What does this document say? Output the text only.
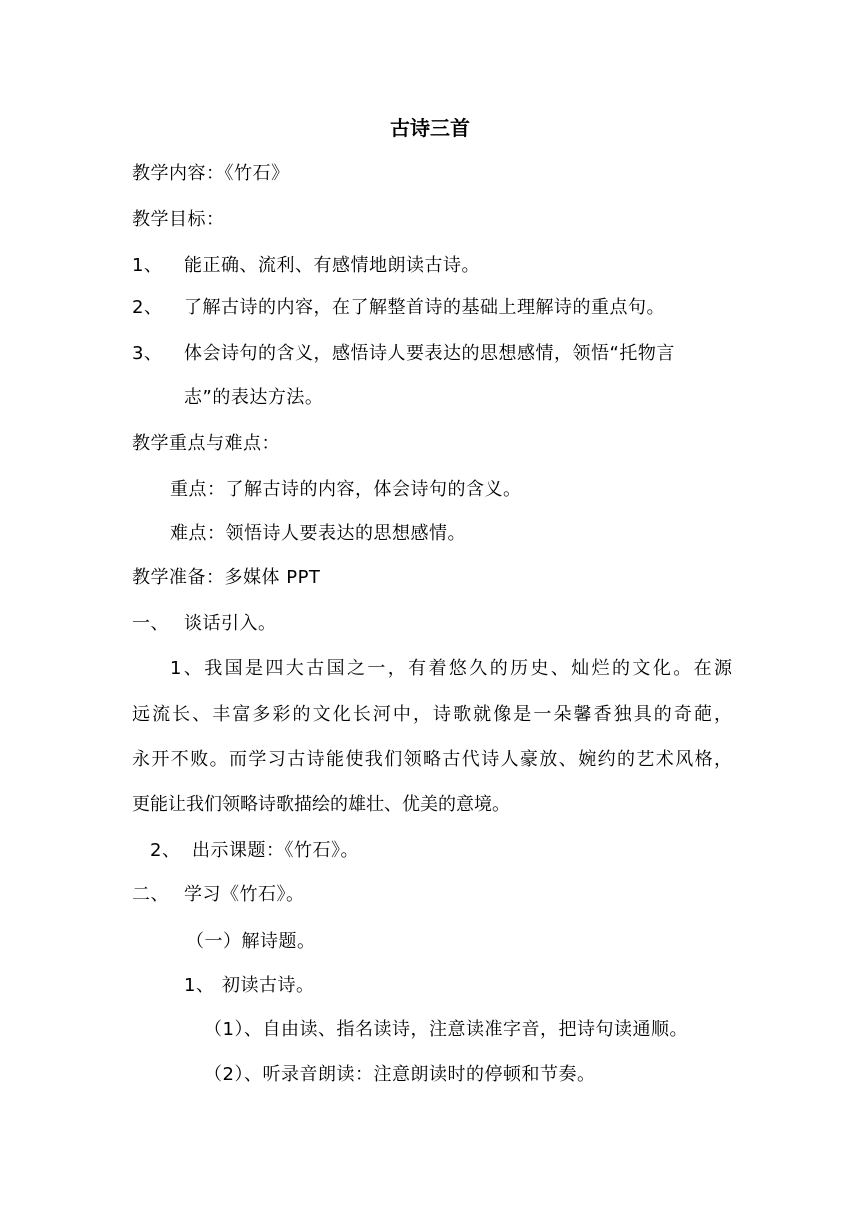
古诗三首
教学内容：《竹石》
教学目标：
1、 能正确、流利、有感情地朗读古诗。
2、 了解古诗的内容，在了解整首诗的基础上理解诗的重点句。
3、 体会诗句的含义，感悟诗人要表达的思想感情，领悟“托物言
志”的表达方法。
教学重点与难点：
重点：了解古诗的内容，体会诗句的含义。
难点：领悟诗人要表达的思想感情。
教学准备：多媒体 PPT
一、 谈话引入。
1、我国是四大古国之一，有着悠久的历史、灿烂的文化。在源
远流长、丰富多彩的文化长河中，诗歌就像是一朵馨香独具的奇葩，
永开不败。而学习古诗能使我们领略古代诗人豪放、婉约的艺术风格，
更能让我们领略诗歌描绘的雄壮、优美的意境。
2、 出示课题：《竹石》。
二、 学习《竹石》。
（一）解诗题。
1、 初读古诗。
（1）、自由读、指名读诗，注意读准字音，把诗句读通顺。
（2）、听录音朗读：注意朗读时的停顿和节奏。
